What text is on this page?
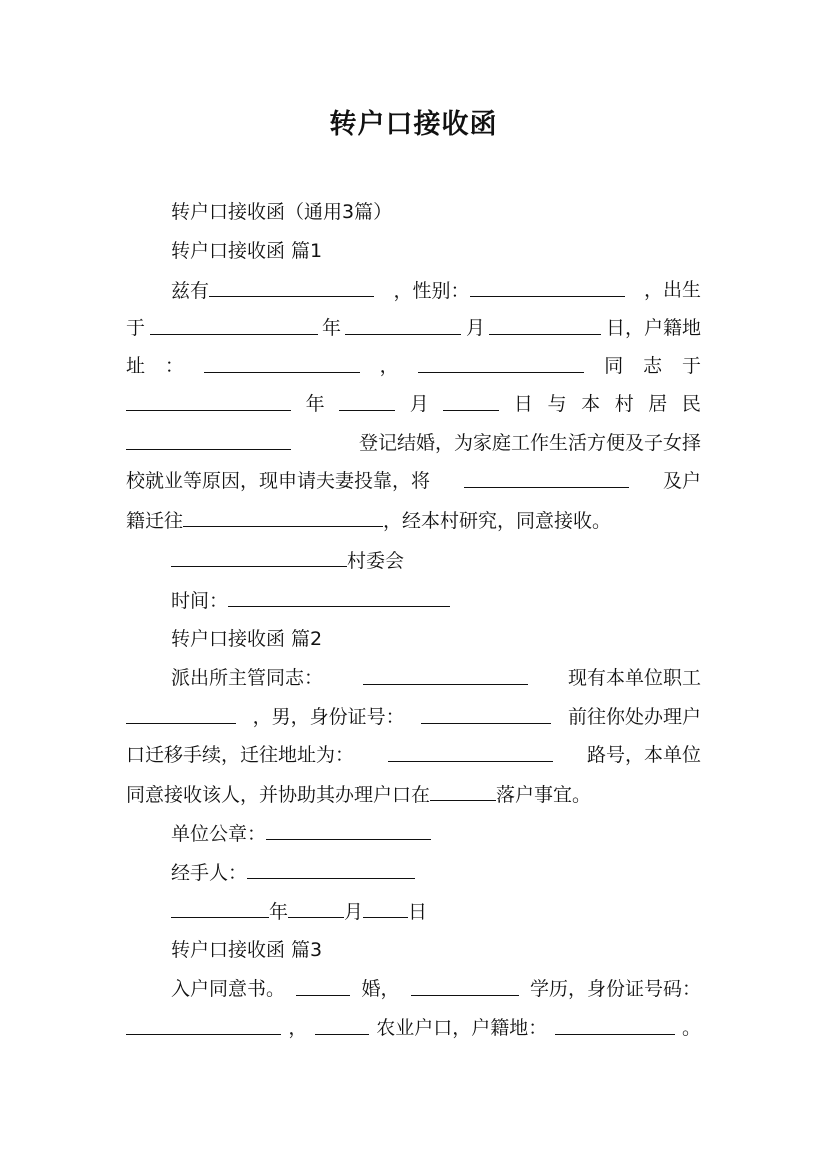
转户口接收函
转户口接收函（通用3篇）
转户口接收函 篇1
兹有	，性别：	，出生
于	年	月	日，户籍地
址 ：	，	同 志 于
年	月	日 与 本 村 居 民
登记结婚，为家庭工作生活方便及子女择
校就业等原因，现申请夫妻投靠，将	及户
籍迁往	，经本村研究，同意接收。
村委会
时间：
转户口接收函 篇2
派出所主管同志：	现有本单位职工
，男，身份证号：	前往你处办理户
口迁移手续，迁往地址为：	路号，本单位
同意接收该人，并协助其办理户口在	落户事宜。
单位公章：
经手人：
年	月 日
转户口接收函 篇3
入户同意书。	婚，	学历，身份证号码：
，	农业户口，户籍地：	。
